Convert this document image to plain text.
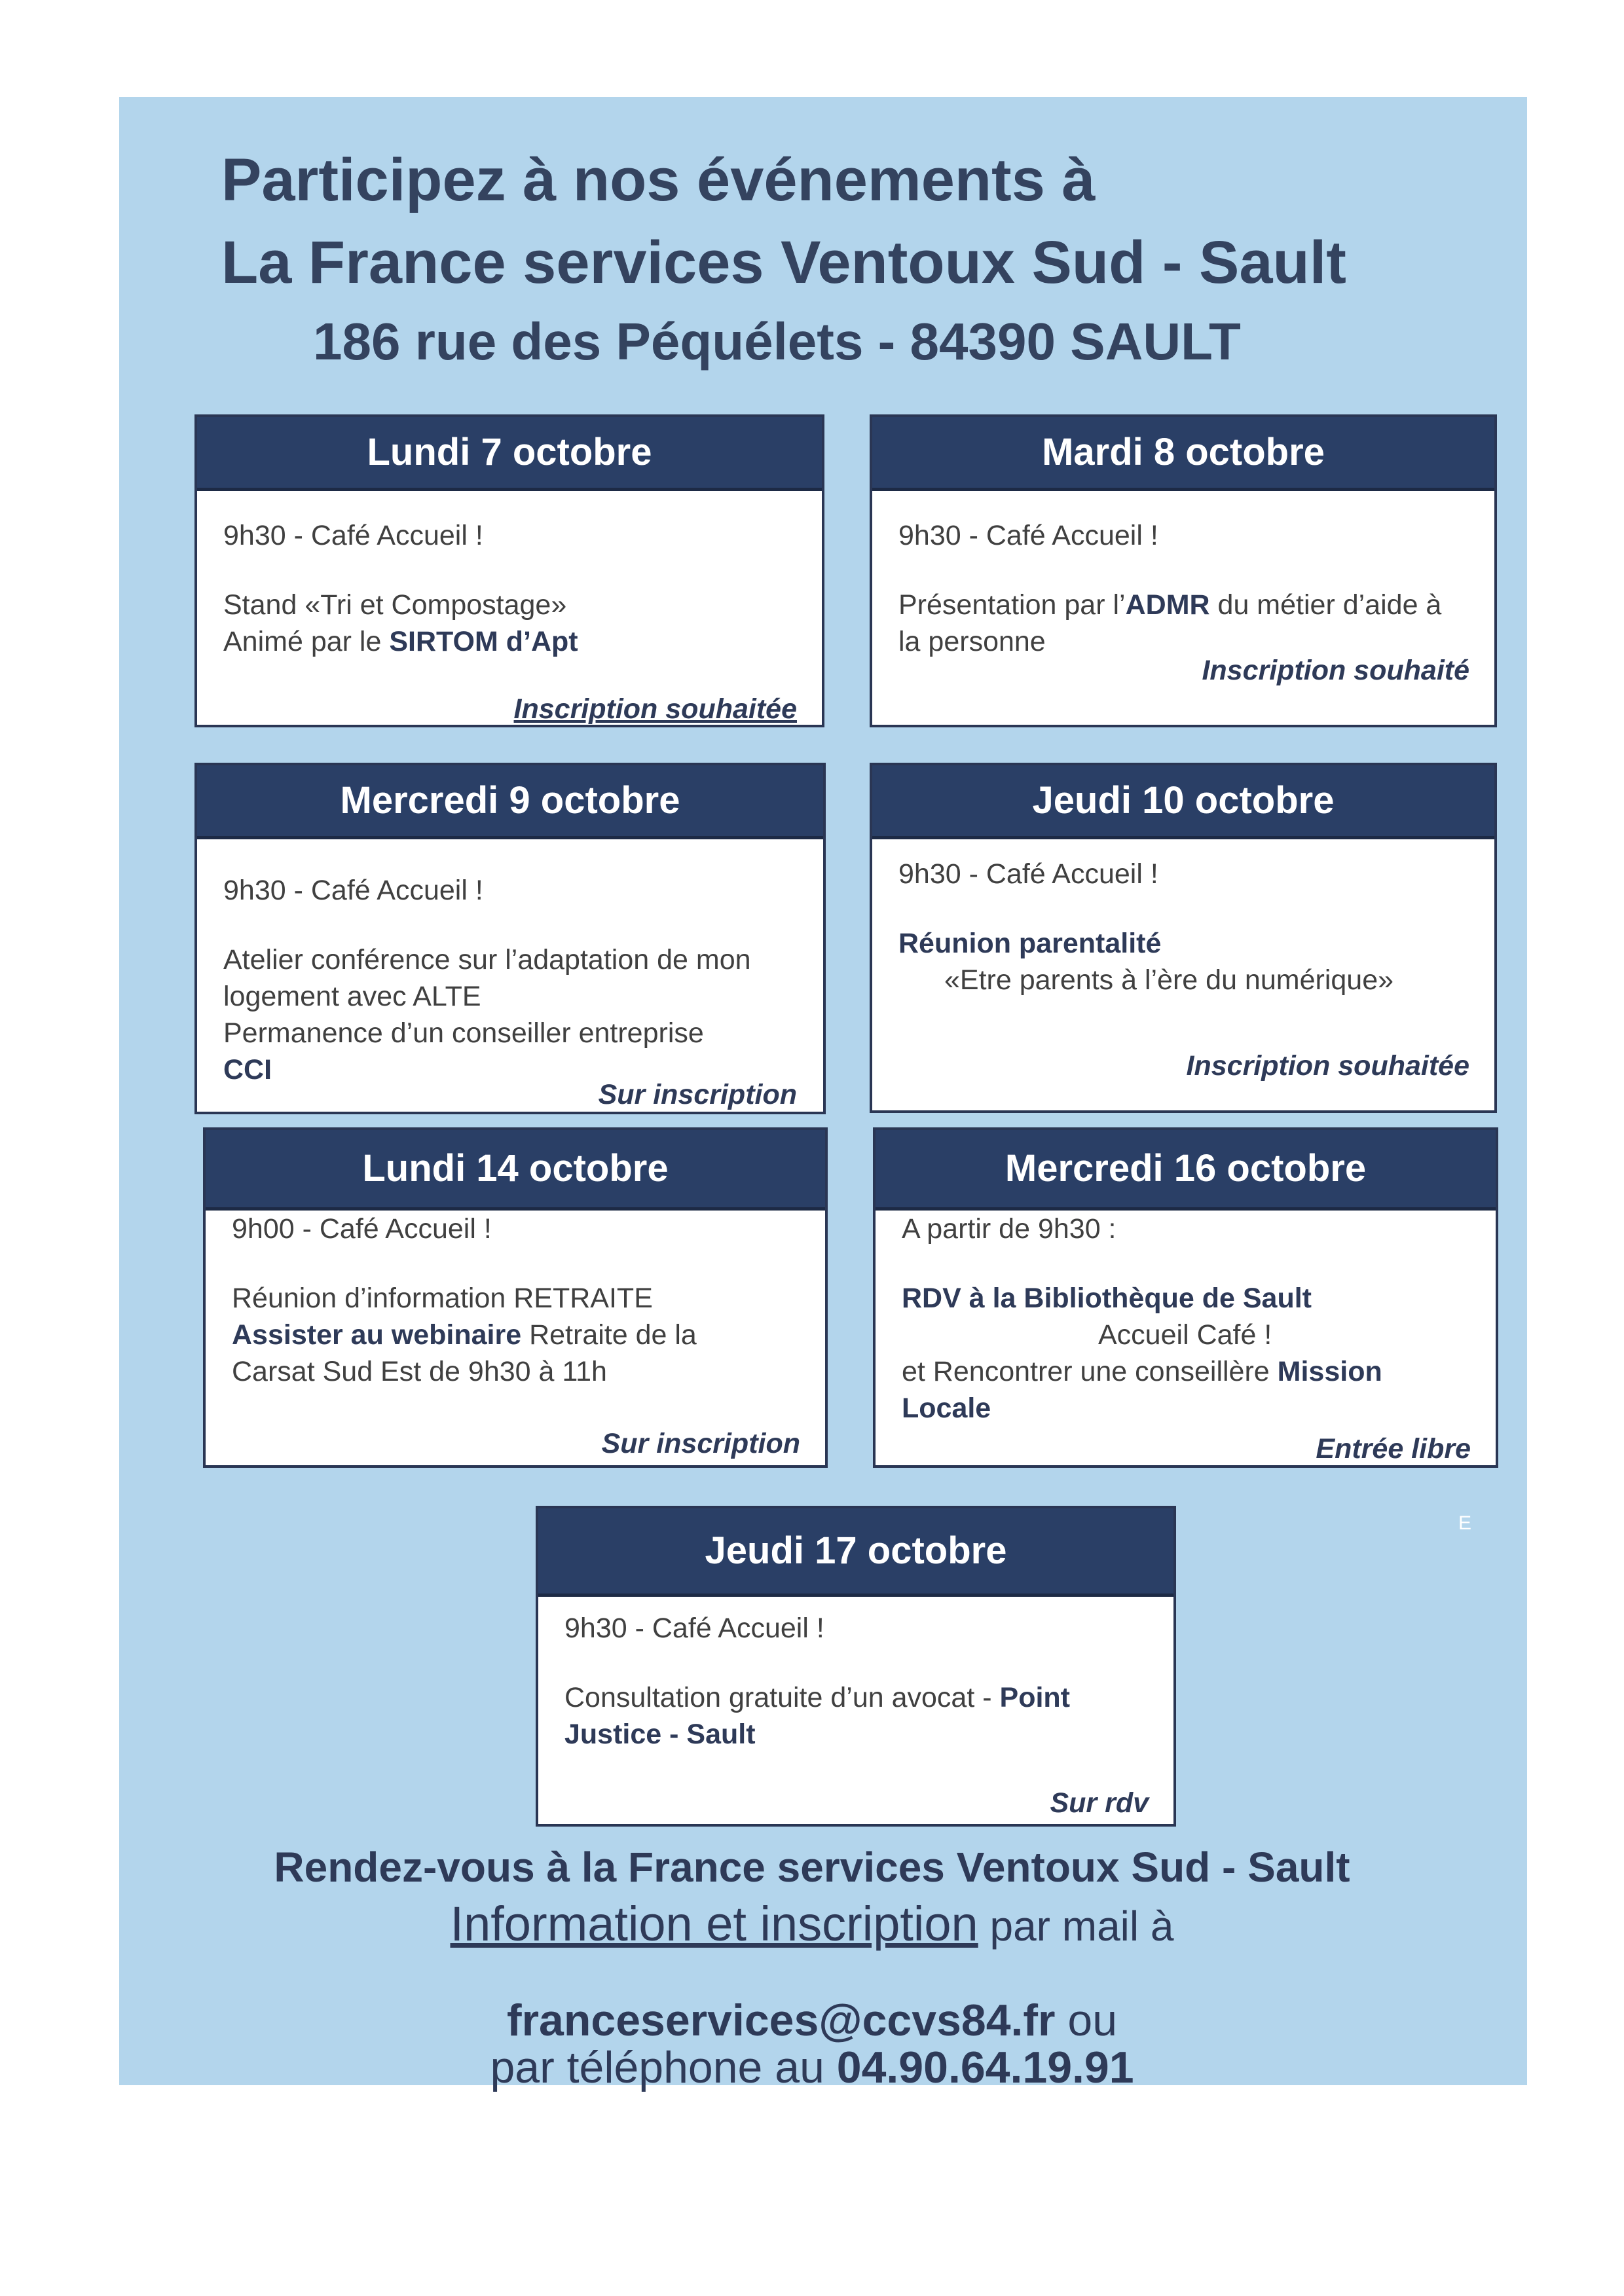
Participez à nos événements à
La France services Ventoux Sud - Sault
186 rue des Péquélets - 84390 SAULT
Lundi 7 octobre

9h30 - Café Accueil !

Stand «Tri et Compostage»

Animé par le SIRTOM d’Apt

Inscription souhaitée
Mardi 8 octobre

9h30 - Café Accueil !

Présentation par l’ADMR du métier d’aide à

la personne

Inscription souhaité
Mercredi 9 octobre

9h30 - Café Accueil !

Atelier conférence sur l’adaptation de mon

logement avec ALTE

Permanence d’un conseiller entreprise

CCI

Sur inscription
Jeudi 10 octobre

9h30 - Café Accueil !

Réunion parentalité

«Etre parents à l’ère du numérique»

Inscription souhaitée
Lundi 14 octobre

9h00 - Café Accueil !

Réunion d’information RETRAITE

Assister au webinaire Retraite de la

Carsat Sud Est de 9h30 à 11h

Sur inscription
Mercredi 16 octobre

A partir de 9h30 :

RDV à la Bibliothèque de Sault

Accueil Café !

et Rencontrer une conseillère Mission

Locale

Entrée libre
Jeudi 17 octobre

9h30 - Café Accueil !

Consultation gratuite d’un avocat - Point

Justice - Sault

Sur rdv
E
Rendez-vous à la France services Ventoux Sud - Sault
Information et inscription par mail à
franceservices@ccvs84.fr ou
par téléphone au 04.90.64.19.91
